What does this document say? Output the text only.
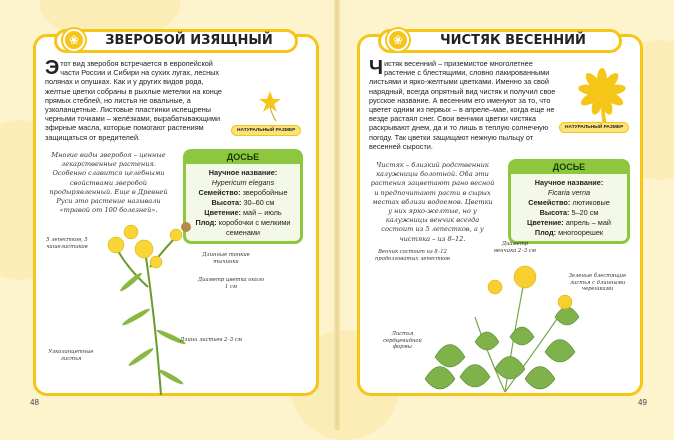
❀	ЗВЕРОБОЙ ИЗЯЩНЫЙ
Этот вид зверобоя встречается в европейской части России и Сибири на сухих лугах, лесных полянах и опушках. Как и у других видов рода, желтые цветки собраны в рыхлые метелки на конце прямых стеблей, но листья не овальные, а узколанцетные. Листовые пластинки испещрены черными точками – желёзками, вырабатывающими эфирные масла, которые помогают растениям защищаться от вредителей.
НАТУРАЛЬНЫЙ РАЗМЕР
Многие виды зверобоя – ценные лекарственные растения. Особенно славится целебными свойствами зверобой продырявленный. Еще в Древней Руси это растение называли «травой от 100 болезней».
ДОСЬЕ
Научное название:
Hypericum elegans
Семейство: зверобойные
Высота: 30–60 см
Цветение: май – июль
Плод: коробочки с мелкими семенами
5 лепестков, 5 чашелистиков
Длинные тонкие тычинки
Диаметр цветка около 1 см
Длина листьев 2–3 см
Узколанцетные листья
48
❀	ЧИСТЯК ВЕСЕННИЙ
Чистяк весенний – приземистое многолетнее растение с блестящими, словно лакированными листьями и ярко-желтыми цветками. Именно за свой нарядный, всегда опрятный вид чистяк и получил свое русское название. А весенним его именуют за то, что цветет одним из первых – в апреле–мае, когда еще не везде растаял снег. Свои венчики цветки чистяка раскрывают днем, да и то лишь в теплую солнечную погоду. Так цветки защищают нежную пыльцу от весенней сырости.
НАТУРАЛЬНЫЙ РАЗМЕР
Чистяк – близкий родственник калужницы болотной. Оба эти растения зацветают рано весной и предпочитают расти в сырых местах вблизи водоемов. Цветки у них ярко-желтые, но у калужницы венчик всегда состоит из 5 лепестков, а у чистяка – из 8–12.
ДОСЬЕ
Научное название:
Ficaria verna
Семейство: лютиковые
Высота: 5–20 см
Цветение: апрель – май
Плод: многоорешек
Диаметр венчика 2–3 см
Венчик состоит из 8–12 продолговатых лепестков
Зеленые блестящие листья с длинными черешками
Листья сердцевидной формы
49
